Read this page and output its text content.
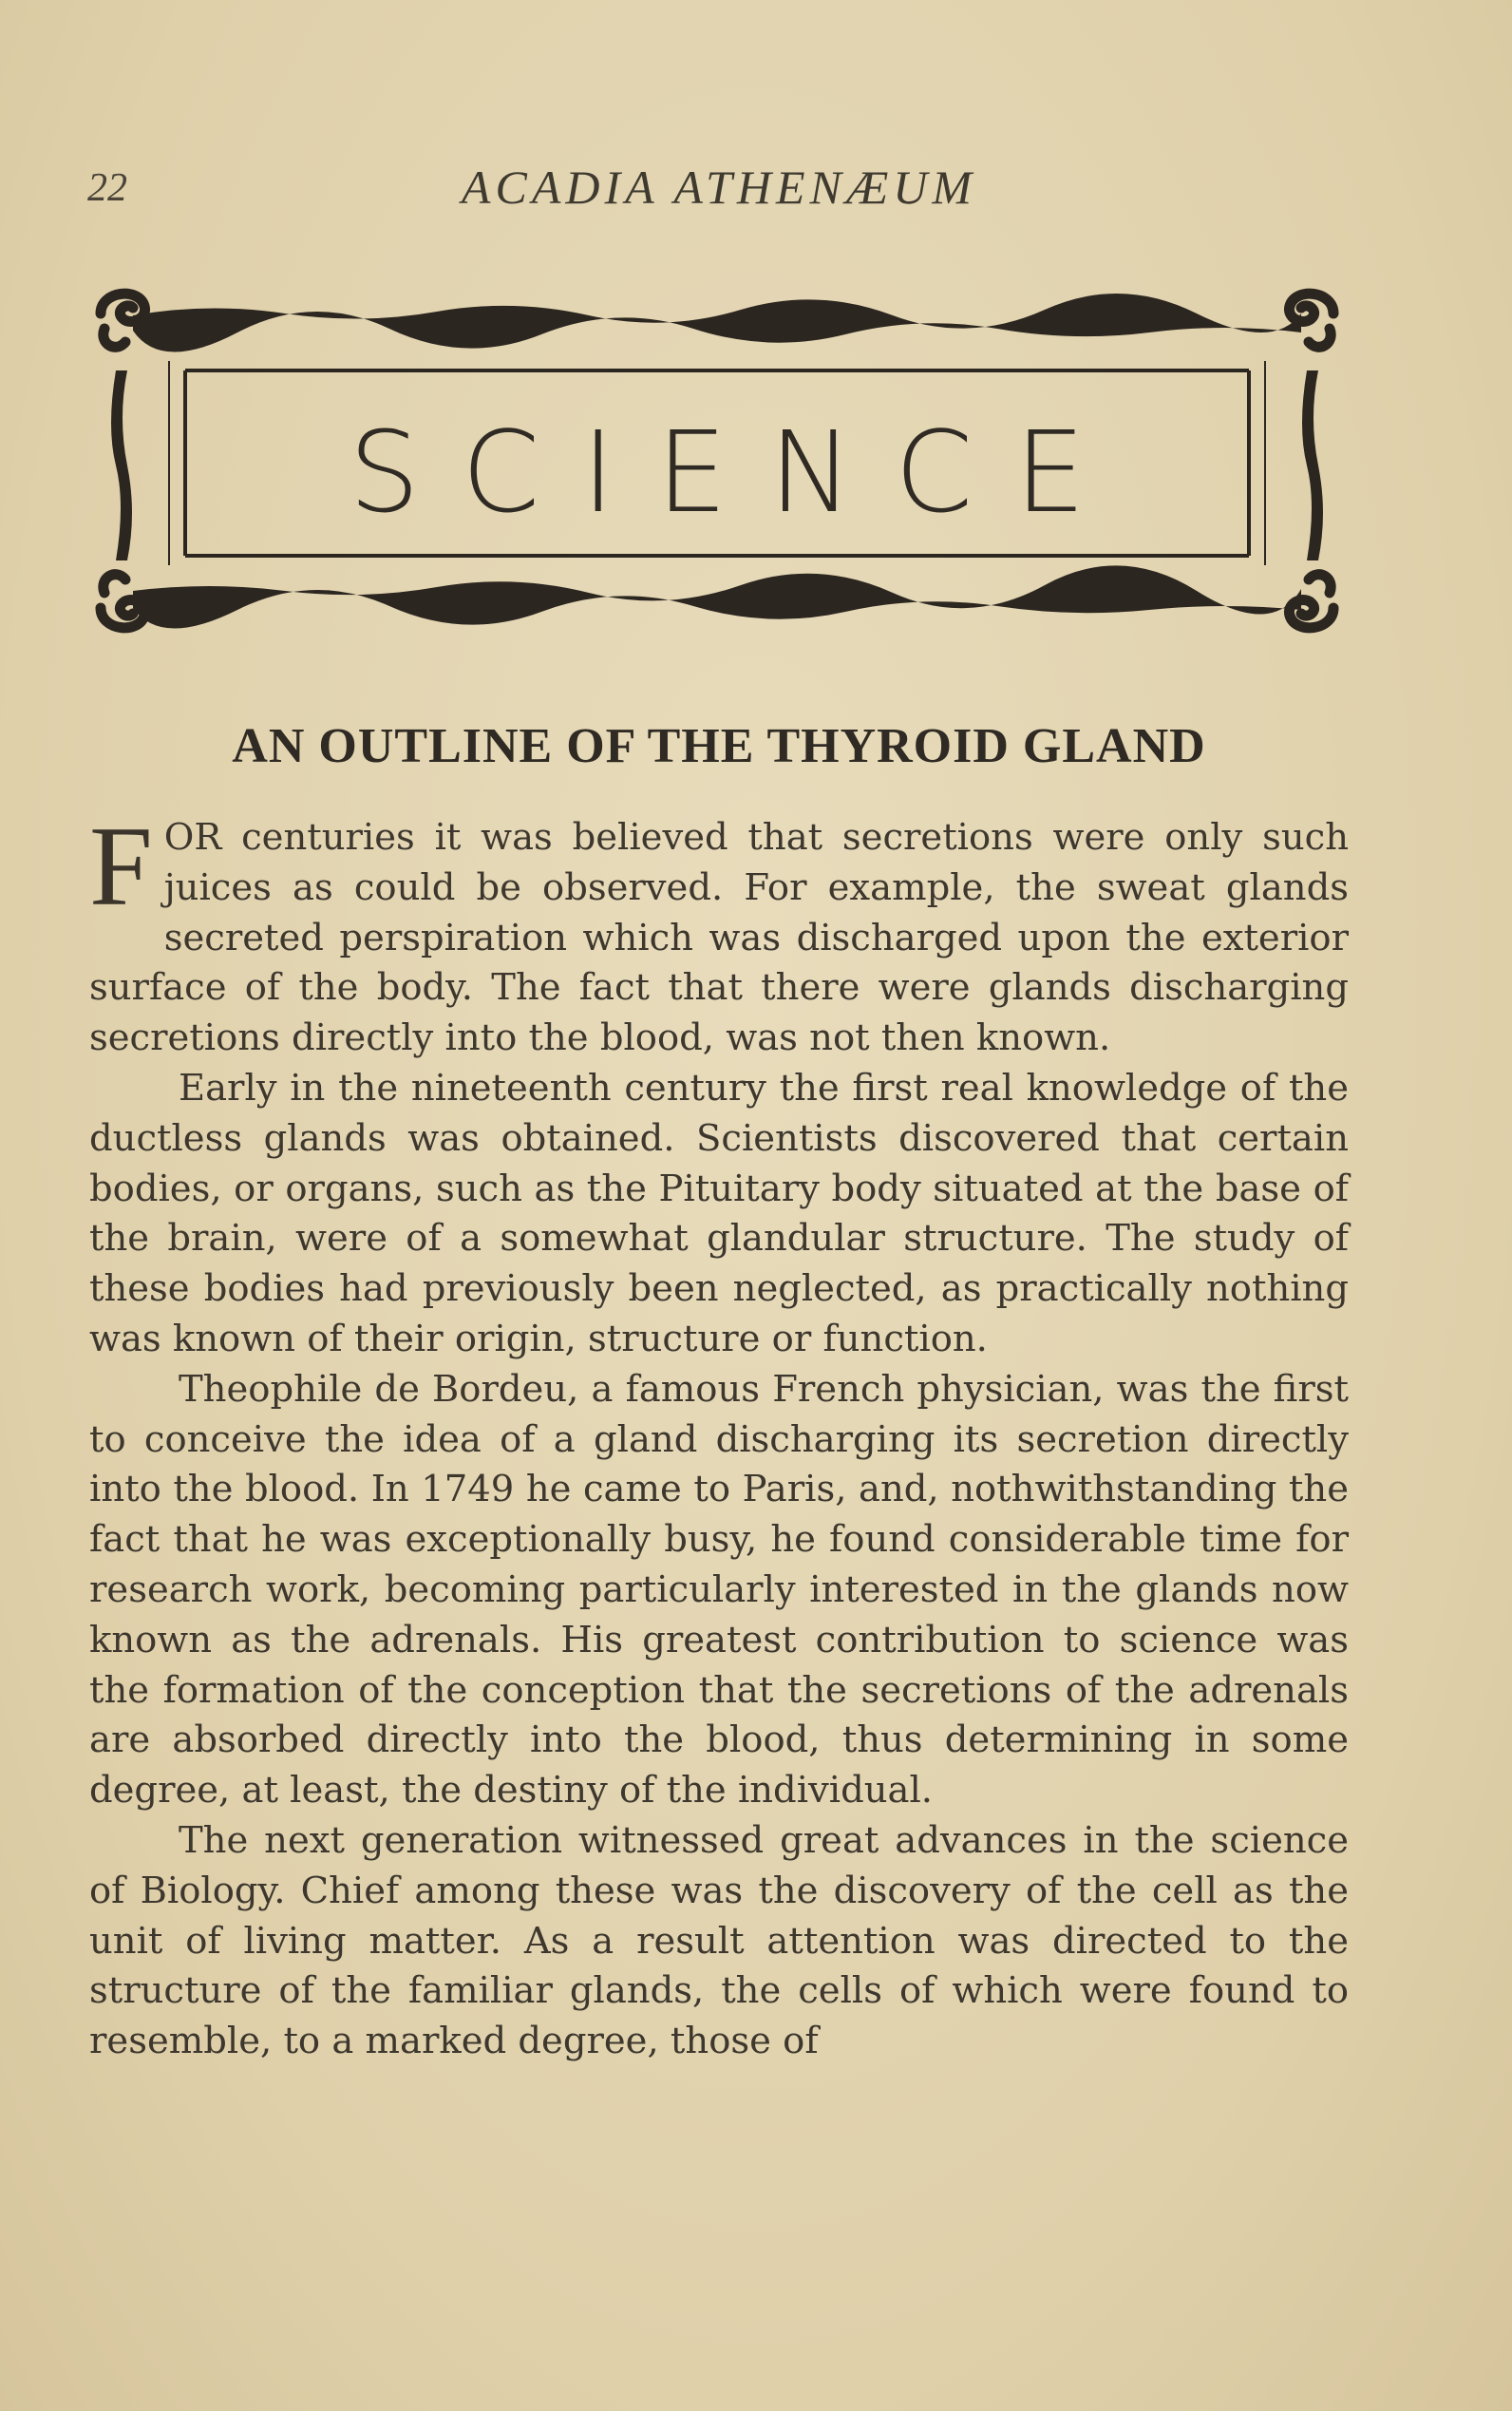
22	ACADIA ATHENÆUM
SCIENCE
AN OUTLINE OF THE THYROID GLAND

FOR centuries it was believed that secretions were only such juices as could be observed. For example, the sweat glands secreted perspiration which was discharged upon the exterior surface of the body. The fact that there were glands discharging secretions directly into the blood, was not then known.

Early in the nineteenth century the first real knowledge of the ductless glands was obtained. Scientists discovered that certain bodies, or organs, such as the Pituitary body situated at the base of the brain, were of a somewhat glandular structure. The study of these bodies had previously been neglected, as practically nothing was known of their origin, structure or function.

Theophile de Bordeu, a famous French physician, was the first to conceive the idea of a gland discharging its secretion directly into the blood. In 1749 he came to Paris, and, nothwithstanding the fact that he was exceptionally busy, he found considerable time for research work, becoming particularly interested in the glands now known as the adrenals. His greatest contribution to science was the formation of the conception that the secretions of the adrenals are absorbed directly into the blood, thus determining in some degree, at least, the destiny of the individual.

The next generation witnessed great advances in the science of Biology. Chief among these was the discovery of the cell as the unit of living matter. As a result attention was directed to the structure of the familiar glands, the cells of which were found to resemble, to a marked degree, those of
